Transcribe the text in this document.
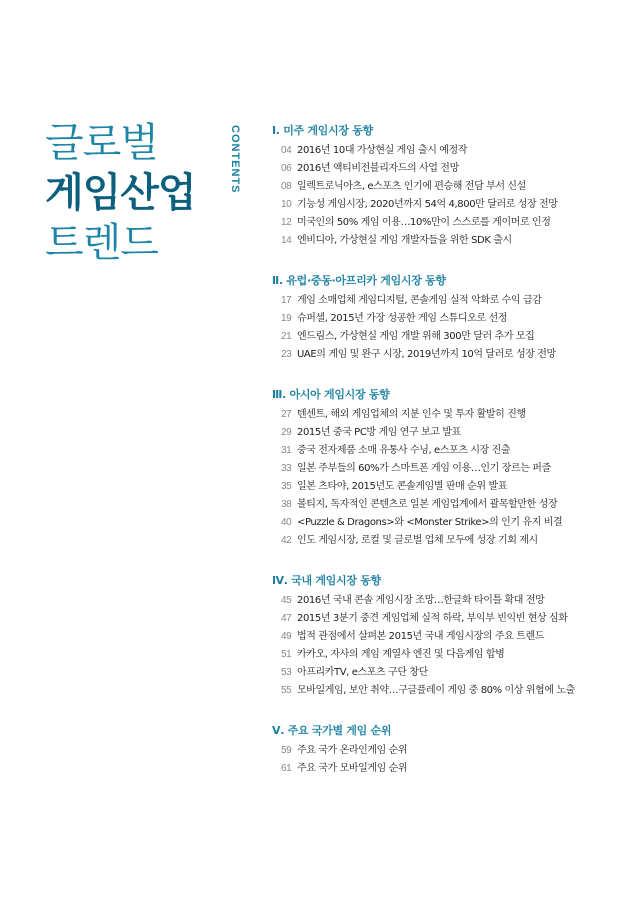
글로벌
게임산업
트렌드
CONTENTS	Ⅰ. 미주 게임시장 동향
04 2016년 10대 가상현실 게임 출시 예정작
06 2016년 액티비전블리자드의 사업 전망
08 일렉트로닉아츠, e스포츠 인기에 편승해 전담 부서 신설
10 기능성 게임시장, 2020년까지 54억 4,800만 달러로 성장 전망
12 미국인의 50% 게임 이용…10%만이 스스로를 게이머로 인정
14 엔비디아, 가상현실 게임 개발자들을 위한 SDK 출시
Ⅱ. 유럽·중동·아프리카 게임시장 동향
17 게임 소매업체 게임디지털, 콘솔게임 실적 악화로 수익 급감
19 슈퍼셀, 2015년 가장 성공한 게임 스튜디오로 선정
21 엔드림스, 가상현실 게임 개발 위해 300만 달러 추가 모집
23 UAE의 게임 및 완구 시장, 2019년까지 10억 달러로 성장 전망
Ⅲ. 아시아 게임시장 동향
27 텐센트, 해외 게임업체의 지분 인수 및 투자 활발히 진행
29 2015년 중국 PC방 게임 연구 보고 발표
31 중국 전자제품 소매 유통사 수닝, e스포츠 시장 진출
33 일본 주부들의 60%가 스마트폰 게임 이용…인기 장르는 퍼즐
35 일본 츠타야, 2015년도 콘솔게임별 판매 순위 발표
38 볼티지, 독자적인 콘텐츠로 일본 게임업계에서 괄목할만한 성장
40 <Puzzle & Dragons>와 <Monster Strike>의 인기 유지 비결
42 인도 게임시장, 로컬 및 글로벌 업체 모두에 성장 기회 제시
Ⅳ. 국내 게임시장 동향
45 2016년 국내 콘솔 게임시장 조망…한글화 타이틀 확대 전망
47 2015년 3분기 중견 게임업체 실적 하락, 부익부 빈익빈 현상 심화
49 법적 관점에서 살펴본 2015년 국내 게임시장의 주요 트렌드
51 카카오, 자사의 게임 계열사 엔진 및 다음게임 합병
53 아프리카TV, e스포츠 구단 창단
55 모바일게임, 보안 취약…구글플레이 게임 중 80% 이상 위협에 노출
Ⅴ. 주요 국가별 게임 순위
59 주요 국가 온라인게임 순위
61 주요 국가 모바일게임 순위
